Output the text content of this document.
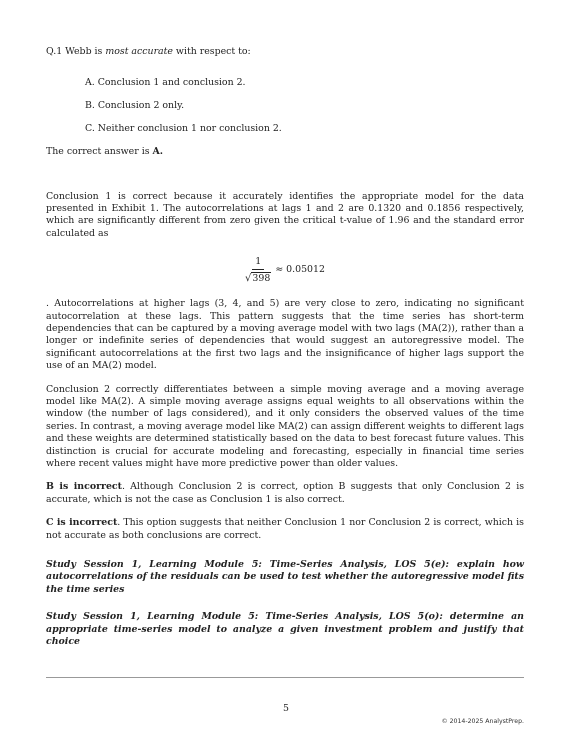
Q.1 Webb is most accurate with respect to:

A. Conclusion 1 and conclusion 2.

B. Conclusion 2 only.

C. Neither conclusion 1 nor conclusion 2.

The correct answer is A.

Conclusion 1 is correct because it accurately identifies the appropriate model for the data presented in Exhibit 1. The autocorrelations at lags 1 and 2 are 0.1320 and 0.1856 respectively, which are significantly different from zero given the critical t-value of 1.96 and the standard error calculated as

$\frac{1}{√ 398} \approx 0.05012$

. Autocorrelations at higher lags (3, 4, and 5) are very close to zero, indicating no significant autocorrelation at these lags. This pattern suggests that the time series has short-term dependencies that can be captured by a moving average model with two lags (MA(2)), rather than a longer or indefinite series of dependencies that would suggest an autoregressive model. The significant autocorrelations at the first two lags and the insignificance of higher lags support the use of an MA(2) model.

Conclusion 2 correctly differentiates between a simple moving average and a moving average model like MA(2). A simple moving average assigns equal weights to all observations within the window (the number of lags considered), and it only considers the observed values of the time series. In contrast, a moving average model like MA(2) can assign different weights to different lags and these weights are determined statistically based on the data to best forecast future values. This distinction is crucial for accurate modeling and forecasting, especially in financial time series where recent values might have more predictive power than older values.

B is incorrect. Although Conclusion 2 is correct, option B suggests that only Conclusion 2 is accurate, which is not the case as Conclusion 1 is also correct.

C is incorrect. This option suggests that neither Conclusion 1 nor Conclusion 2 is correct, which is not accurate as both conclusions are correct.

Study Session 1, Learning Module 5: Time-Series Analysis, LOS 5(e): explain how autocorrelations of the residuals can be used to test whether the autoregressive model fits the time series

Study Session 1, Learning Module 5: Time-Series Analysis, LOS 5(o): determine an appropriate time-series model to analyze a given investment problem and justify that choice

5
© 2014-2025 AnalystPrep.
